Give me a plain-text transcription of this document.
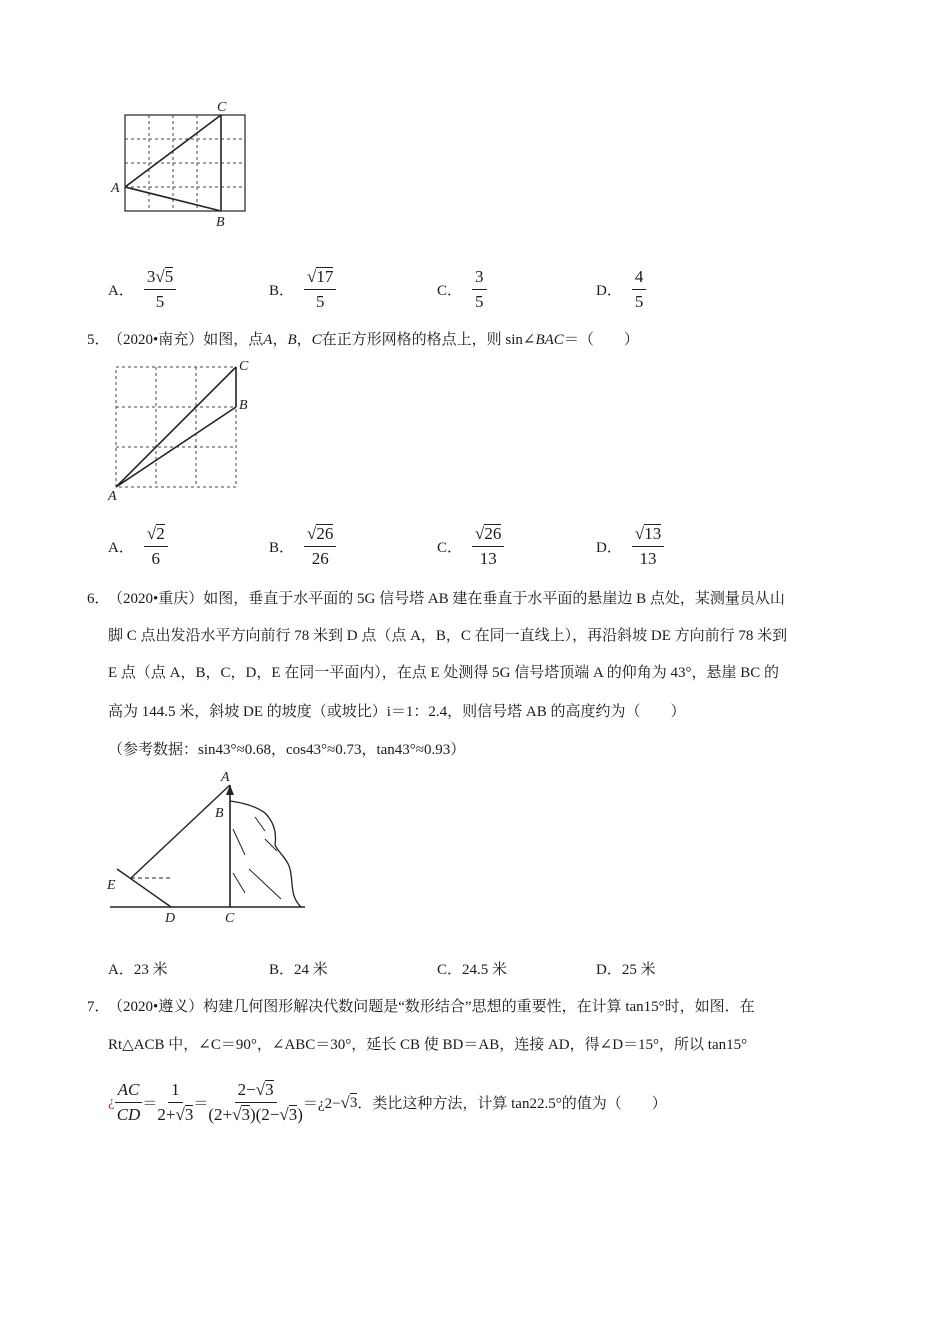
A
C
B
A． $\frac{3 √ 5}{5}$	B． $\frac{√ 17}{5}$	C． $\frac{3}{5}$	D． $\frac{4}{5}$
5．
（2020•南充）如图，点A，B，C在正方形网格的格点上，则 sin∠BAC＝（　　）
A
C
B
A． $\frac{√ 2}{6}$	B． $\frac{√ 26}{26}$	C． $\frac{√ 26}{13}$	D． $\frac{√ 13}{13}$
6．
（2020•重庆）如图，垂直于水平面的 5G 信号塔 AB 建在垂直于水平面的悬崖边 B 点处，某测量员从山
脚 C 点出发沿水平方向前行 78 米到 D 点（点 A，B，C 在同一直线上），再沿斜坡 DE 方向前行 78 米到
E 点（点 A，B，C，D，E 在同一平面内），在点 E 处测得 5G 信号塔顶端 A 的仰角为 43°，悬崖 BC 的
高为 144.5 米，斜坡 DE 的坡度（或坡比）i＝1：2.4，则信号塔 AB 的高度约为（　　）
（参考数据：sin43°≈0.68，cos43°≈0.73，tan43°≈0.93）
A
B
E
D	C
A． 23 米	B． 24 米	C． 24.5 米	D． 25 米
7．
（2020•遵义）构建几何图形解决代数问题是“数形结合”思想的重要性，在计算 tan15°时，如图．在
Rt△ACB 中，∠C＝90°，∠ABC＝30°，延长 CB 使 BD＝AB，连接 AD，得∠D＝15°，所以 tan15°
¿ $\frac{AC}{CD} = \frac{1}{2+ √ 3} = \frac{2- √ 3}{(2+ √ 3 )(2- √ 3 )}$ ＝¿2− √ 3 ．类比这种方法，计算 tan22.5°的值为（　　）
